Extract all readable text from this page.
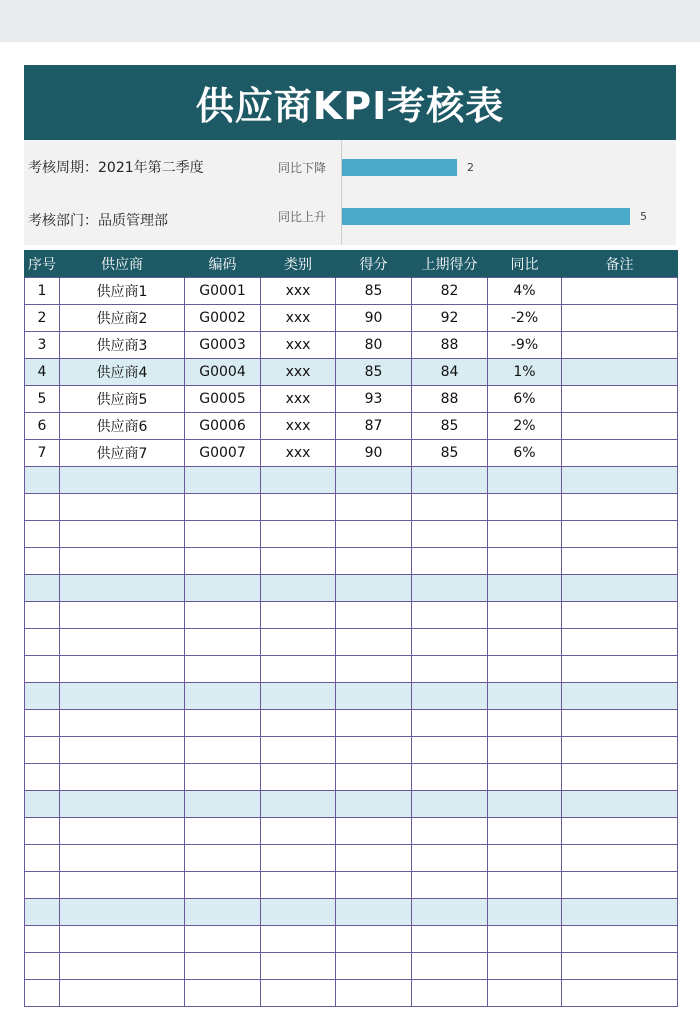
供应商KPI考核表
考核周期：2021年第二季度
考核部门：品质管理部
同比下降	2
同比上升	5
序号	供应商	编码	类别	得分	上期得分	同比	备注
1	供应商1	G0001	xxx	85	82	4%	
2	供应商2	G0002	xxx	90	92	-2%	
3	供应商3	G0003	xxx	80	88	-9%	
4	供应商4	G0004	xxx	85	84	1%	
5	供应商5	G0005	xxx	93	88	6%	
6	供应商6	G0006	xxx	87	85	2%	
7	供应商7	G0007	xxx	90	85	6%	
